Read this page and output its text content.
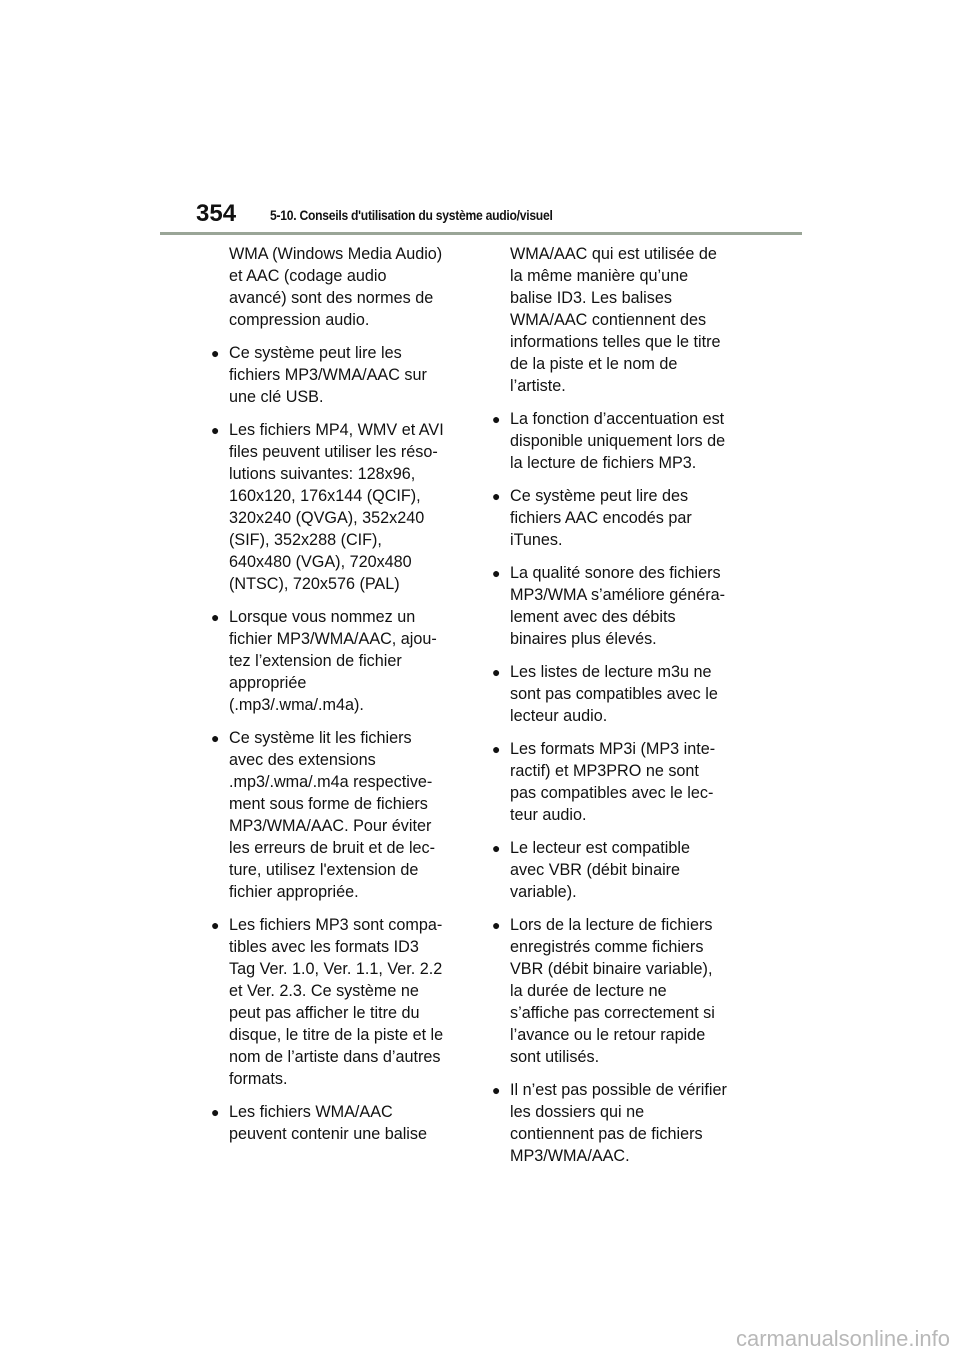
354	5-10. Conseils d'utilisation du système audio/visuel

WMA (Windows Media Audio)
et AAC (codage audio
avancé) sont des normes de
compression audio.

● Ce système peut lire les
fichiers MP3/WMA/AAC sur
une clé USB.
● Les fichiers MP4, WMV et AVI
files peuvent utiliser les réso-
lutions suivantes: 128x96,
160x120, 176x144 (QCIF),
320x240 (QVGA), 352x240
(SIF), 352x288 (CIF),
640x480 (VGA), 720x480
(NTSC), 720x576 (PAL)
● Lorsque vous nommez un
fichier MP3/WMA/AAC, ajou-
tez l’extension de fichier
appropriée
(.mp3/.wma/.m4a).
● Ce système lit les fichiers
avec des extensions
.mp3/.wma/.m4a respective-
ment sous forme de fichiers
MP3/WMA/AAC. Pour éviter
les erreurs de bruit et de lec-
ture, utilisez l'extension de
fichier appropriée.
● Les fichiers MP3 sont compa-
tibles avec les formats ID3
Tag Ver. 1.0, Ver. 1.1, Ver. 2.2
et Ver. 2.3. Ce système ne
peut pas afficher le titre du
disque, le titre de la piste et le
nom de l’artiste dans d’autres
formats.
● Les fichiers WMA/AAC
peuvent contenir une balise

WMA/AAC qui est utilisée de
la même manière qu’une
balise ID3. Les balises
WMA/AAC contiennent des
informations telles que le titre
de la piste et le nom de
l’artiste.

● La fonction d’accentuation est
disponible uniquement lors de
la lecture de fichiers MP3.
● Ce système peut lire des
fichiers AAC encodés par
iTunes.
● La qualité sonore des fichiers
MP3/WMA s’améliore généra-
lement avec des débits
binaires plus élevés.
● Les listes de lecture m3u ne
sont pas compatibles avec le
lecteur audio.
● Les formats MP3i (MP3 inte-
ractif) et MP3PRO ne sont
pas compatibles avec le lec-
teur audio.
● Le lecteur est compatible
avec VBR (débit binaire
variable).
● Lors de la lecture de fichiers
enregistrés comme fichiers
VBR (débit binaire variable),
la durée de lecture ne
s’affiche pas correctement si
l’avance ou le retour rapide
sont utilisés.
● Il n’est pas possible de vérifier
les dossiers qui ne
contiennent pas de fichiers
MP3/WMA/AAC.
carmanualsonline.info
